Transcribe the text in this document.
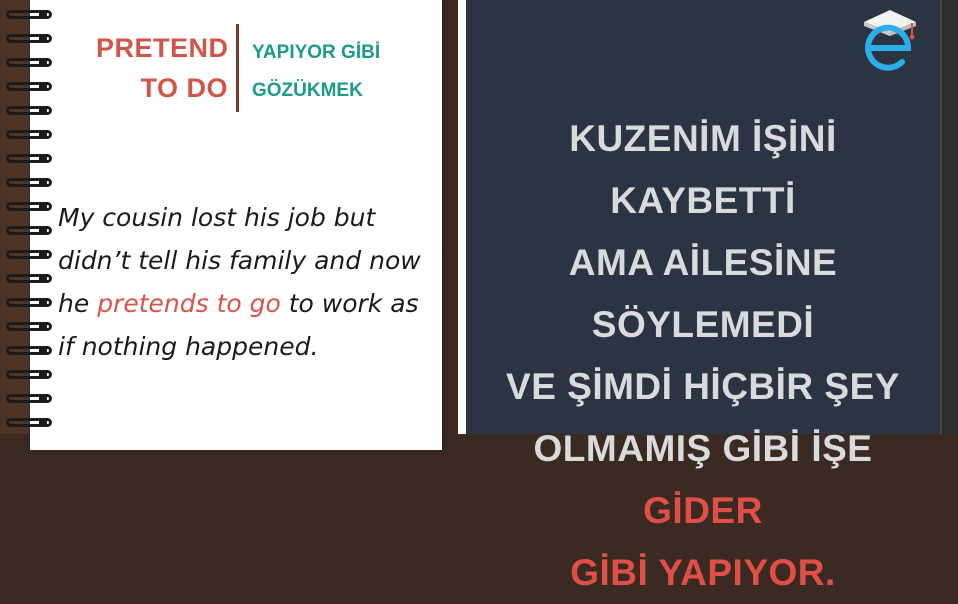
PRETEND
TO DO
YAPIYOR GİBİ
GÖZÜKMEK
My cousin lost his job but didn’t tell his family and now he pretends to go to work as if nothing happened.
KUZENİM İŞİNİ KAYBETTİ
AMA AİLESİNE SÖYLEMEDİ
VE ŞİMDİ HİÇBİR ŞEY
OLMAMIŞ GİBİ İŞE GİDER
GİBİ YAPIYOR.
